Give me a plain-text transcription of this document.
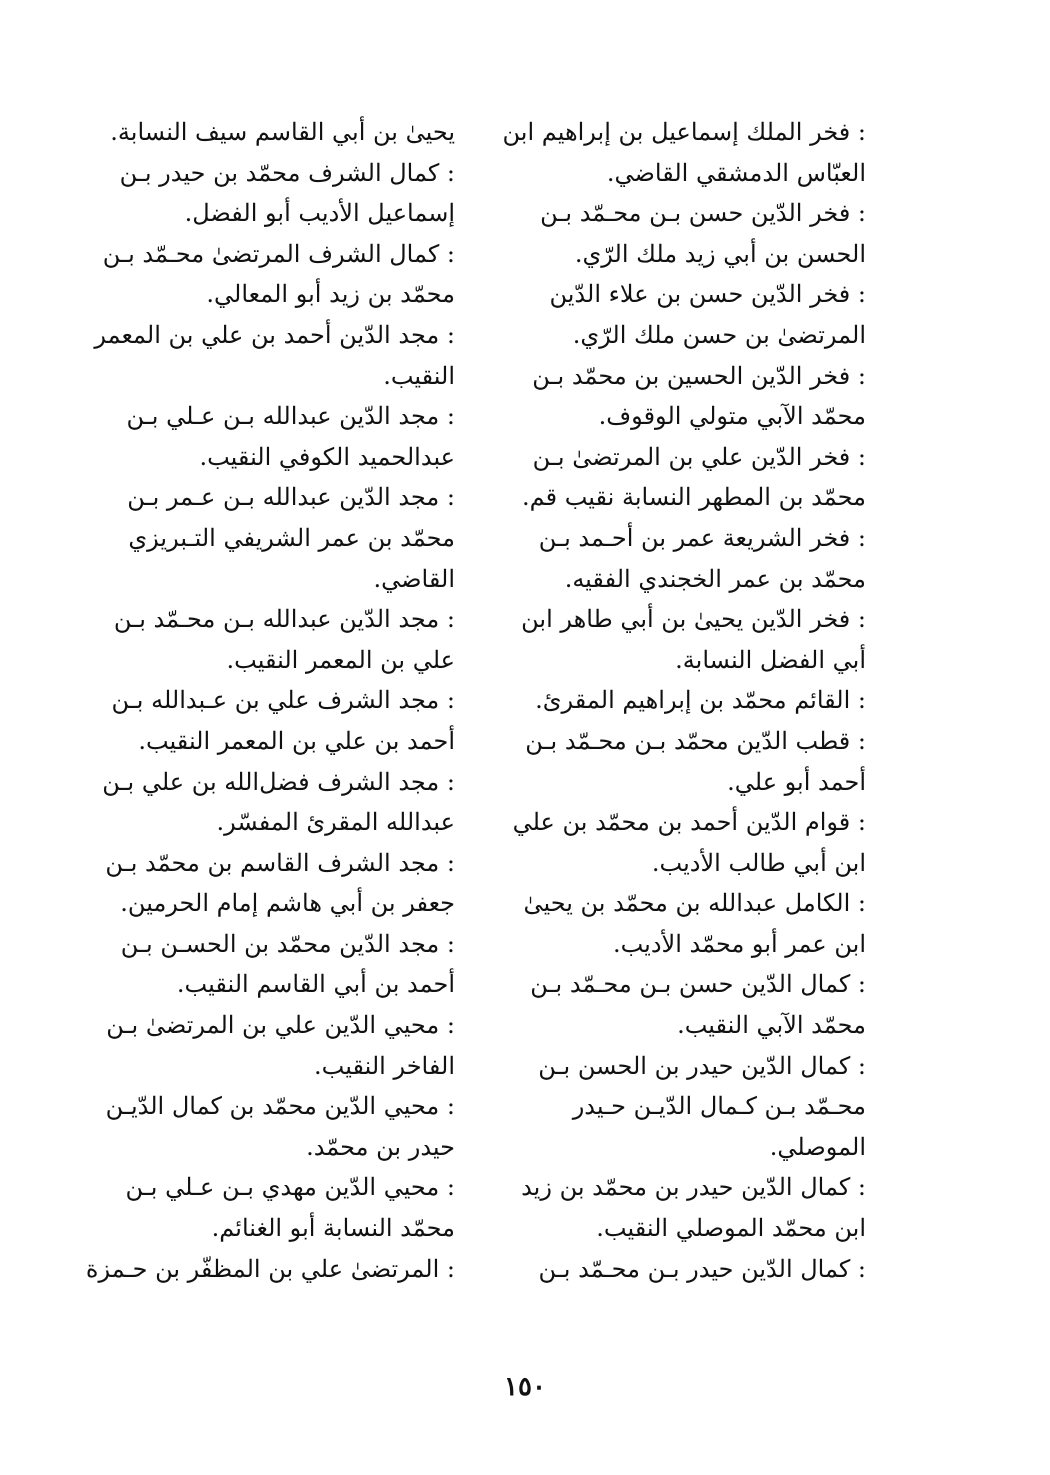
: فخر الملك إسماعيل بن إبراهيم ابن
العبّاس الدمشقي القاضي.
: فخر الدّين حسن بـن محـمّد بـن
الحسن بن أبي زيد ملك الرّي.
: فخر الدّين حسن بن علاء الدّين
المرتضىٰ بن حسن ملك الرّي.
: فخر الدّين الحسين بن محمّد بـن
محمّد الآبي متولي الوقوف.
: فخر الدّين علي بن المرتضىٰ بـن
محمّد بن المطهر النسابة نقيب قم.
: فخر الشريعة عمر بن أحـمد بـن
محمّد بن عمر الخجندي الفقيه.
: فخر الدّين يحيىٰ بن أبي طاهر ابن
أبي الفضل النسابة.
: القائم محمّد بن إبراهيم المقرئ.
: قطب الدّين محمّد بـن محـمّد بـن
أحمد أبو علي.
: قوام الدّين أحمد بن محمّد بن علي
ابن أبي طالب الأديب.
: الكامل عبدالله بن محمّد بن يحيىٰ
ابن عمر أبو محمّد الأديب.
: كمال الدّين حسن بـن محـمّد بـن
محمّد الآبي النقيب.
: كمال الدّين حيدر بن الحسن بـن
محـمّد بـن كـمال الدّيـن حـيدر
الموصلي.
: كمال الدّين حيدر بن محمّد بن زيد
ابن محمّد الموصلي النقيب.
: كمال الدّين حيدر بـن محـمّد بـن
يحيىٰ بن أبي القاسم سيف النسابة.
: كمال الشرف محمّد بن حيدر بـن
إسماعيل الأديب أبو الفضل.
: كمال الشرف المرتضىٰ محـمّد بـن
محمّد بن زيد أبو المعالي.
: مجد الدّين أحمد بن علي بن المعمر
النقيب.
: مجد الدّين عبدالله بـن عـلي بـن
عبدالحميد الكوفي النقيب.
: مجد الدّين عبدالله بـن عـمر بـن
محمّد بن عمر الشريفي التـبريزي
القاضي.
: مجد الدّين عبدالله بـن محـمّد بـن
علي بن المعمر النقيب.
: مجد الشرف علي بن عـبدالله بـن
أحمد بن علي بن المعمر النقيب.
: مجد الشرف فضل‌الله بن علي بـن
عبدالله المقرئ المفسّر.
: مجد الشرف القاسم بن محمّد بـن
جعفر بن أبي هاشم إمام الحرمين.
: مجد الدّين محمّد بن الحسـن بـن
أحمد بن أبي القاسم النقيب.
: محيي الدّين علي بن المرتضىٰ بـن
الفاخر النقيب.
: محيي الدّين محمّد بن كمال الدّيـن
حيدر بن محمّد.
: محيي الدّين مهدي بـن عـلي بـن
محمّد النسابة أبو الغنائم.
: المرتضىٰ علي بن المظفّر بن حـمزة
١٥٠
